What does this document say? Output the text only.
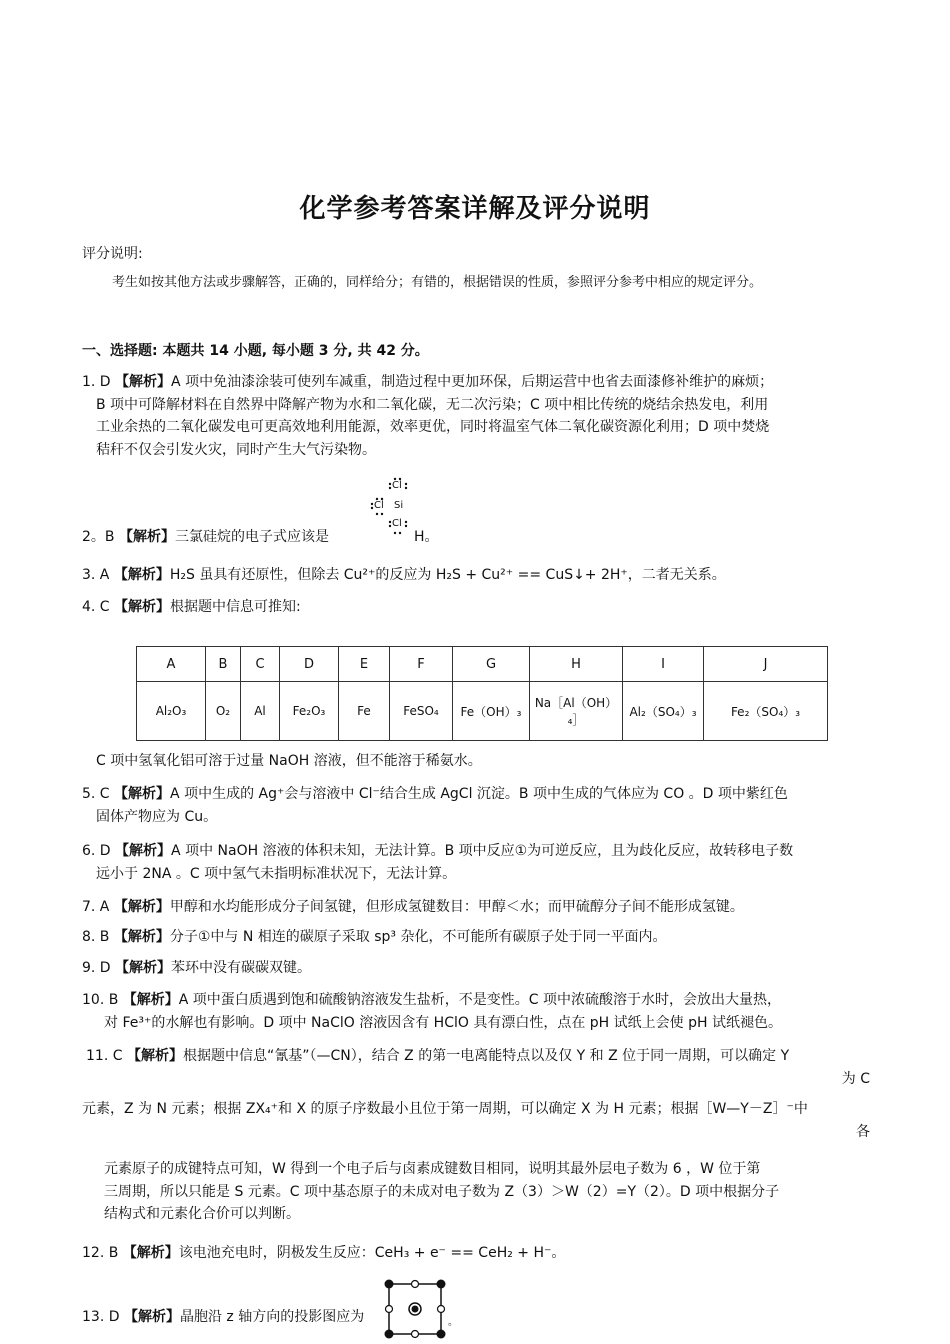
化学参考答案详解及评分说明
评分说明:
考生如按其他方法或步骤解答，正确的，同样给分；有错的，根据错误的性质，参照评分参考中相应的规定评分。
一、选择题: 本题共 14 小题, 每小题 3 分, 共 42 分。
1. D 【解析】A 项中免油漆涂装可使列车减重，制造过程中更加环保，后期运营中也省去面漆修补维护的麻烦；
B 项中可降解材料在自然界中降解产物为水和二氧化碳，无二次污染；C 项中相比传统的烧结余热发电，利用
工业余热的二氧化碳发电可更高效地利用能源，效率更优，同时将温室气体二氧化碳资源化利用；D 项中焚烧
秸秆不仅会引发火灾，同时产生大气污染物。
2。B 【解析】三氯硅烷的电子式应该是
Cl
Cl Si
Cl
H。
3. A 【解析】H₂S 虽具有还原性，但除去 Cu²⁺的反应为 H₂S + Cu²⁺ == CuS↓+ 2H⁺，二者无关系。
4. C 【解析】根据题中信息可推知:
A	B	C	D	E	F	G	H	I	J
Al₂O₃	O₂	Al	Fe₂O₃	Fe	FeSO₄	Fe（OH）₃	Na［Al（OH）₄］	Al₂（SO₄）₃	Fe₂（SO₄）₃
C 项中氢氧化铝可溶于过量 NaOH 溶液，但不能溶于稀氨水。
5. C 【解析】A 项中生成的 Ag⁺会与溶液中 Cl⁻结合生成 AgCl 沉淀。B 项中生成的气体应为 CO 。D 项中紫红色
固体产物应为 Cu。
6. D 【解析】A 项中 NaOH 溶液的体积未知，无法计算。B 项中反应①为可逆反应，且为歧化反应，故转移电子数
远小于 2NA 。C 项中氢气未指明标准状况下，无法计算。
7. A 【解析】甲醇和水均能形成分子间氢键，但形成氢键数目：甲醇＜水；而甲硫醇分子间不能形成氢键。
8. B 【解析】分子①中与 N 相连的碳原子采取 sp³ 杂化，不可能所有碳原子处于同一平面内。
9. D 【解析】苯环中没有碳碳双键。
10. B 【解析】A 项中蛋白质遇到饱和硫酸钠溶液发生盐析，不是变性。C 项中浓硫酸溶于水时，会放出大量热，
对 Fe³⁺的水解也有影响。D 项中 NaClO 溶液因含有 HClO 具有漂白性，点在 pH 试纸上会使 pH 试纸褪色。
11. C 【解析】根据题中信息“氰基”（—CN），结合 Z 的第一电离能特点以及仅 Y 和 Z 位于同一周期，可以确定 Y
为 C
元素，Z 为 N 元素；根据 ZX₄⁺和 X 的原子序数最小且位于第一周期，可以确定 X 为 H 元素；根据［W—Y－Z］⁻中
各
元素原子的成键特点可知，W 得到一个电子后与卤素成键数目相同，说明其最外层电子数为 6 ，W 位于第
三周期，所以只能是 S 元素。C 项中基态原子的未成对电子数为 Z（3）＞W（2）=Y（2）。D 项中根据分子
结构式和元素化合价可以判断。
12. B 【解析】该电池充电时，阴极发生反应：CeH₃ + e⁻ == CeH₂ + H⁻。
13. D 【解析】晶胞沿 z 轴方向的投影图应为	。
